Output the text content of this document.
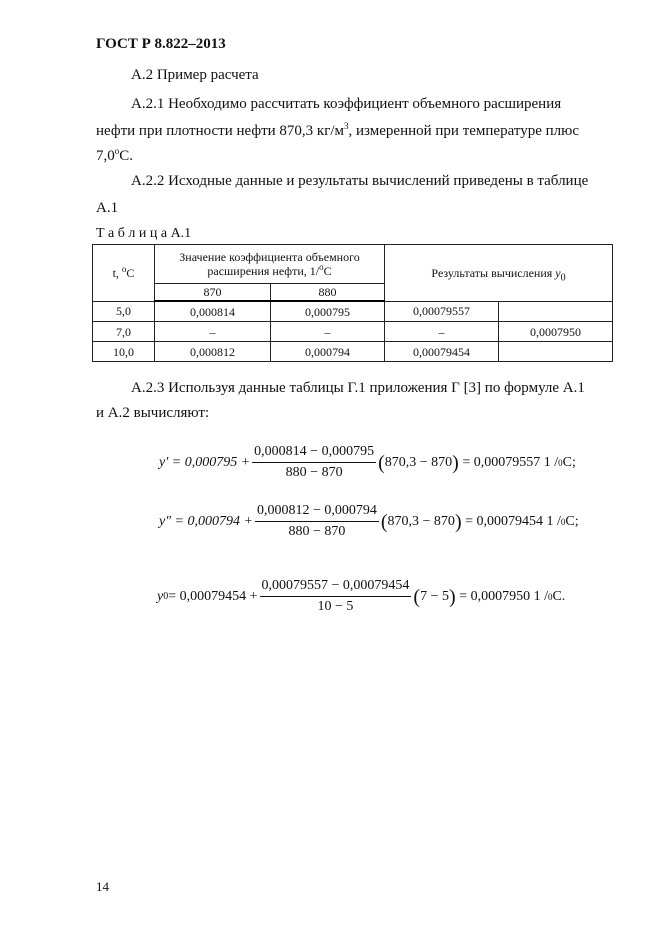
ГОСТ Р 8.822–2013
А.2 Пример расчета
А.2.1 Необходимо рассчитать коэффициент объемного расширения
нефти при плотности нефти 870,3 $кг/м^3$, измеренной при температуре плюс
$7,0^оС$.
А.2.2 Исходные данные и результаты вычислений приведены в таблице
А.1
Т а б л и ц а А.1
t, $^о$С	Значение коэффициента объемного
расширения нефти, 1/$^о$С		Результаты вычисления $y_0$
	870	880		
5,0	0,000814	0,000795	0,00079557	
7,0	–	–	–	0,0007950
10,0	0,000812	0,000794	0,00079454	
А.2.3 Используя данные таблицы Г.1 приложения Г [3] по формуле А.1
и А.2 вычисляют:
$y' = 0,000795 + \frac{0,000814 - 0,000795}{880 - 870}$ ( 870,3 − 870 )
= 0,00079557 1 / 0 С;
$y'' = 0,000794 + \frac{0,000812 - 0,000794}{880 - 870}$ ( 870,3 − 870 )
= 0,00079454 1 / 0 С;
y $0 = 0,00079454 + \frac{0,00079557 - 0,00079454}{10 - 5}$ ( 7 − 5 )
= 0,0007950 1 / 0 С.
14
